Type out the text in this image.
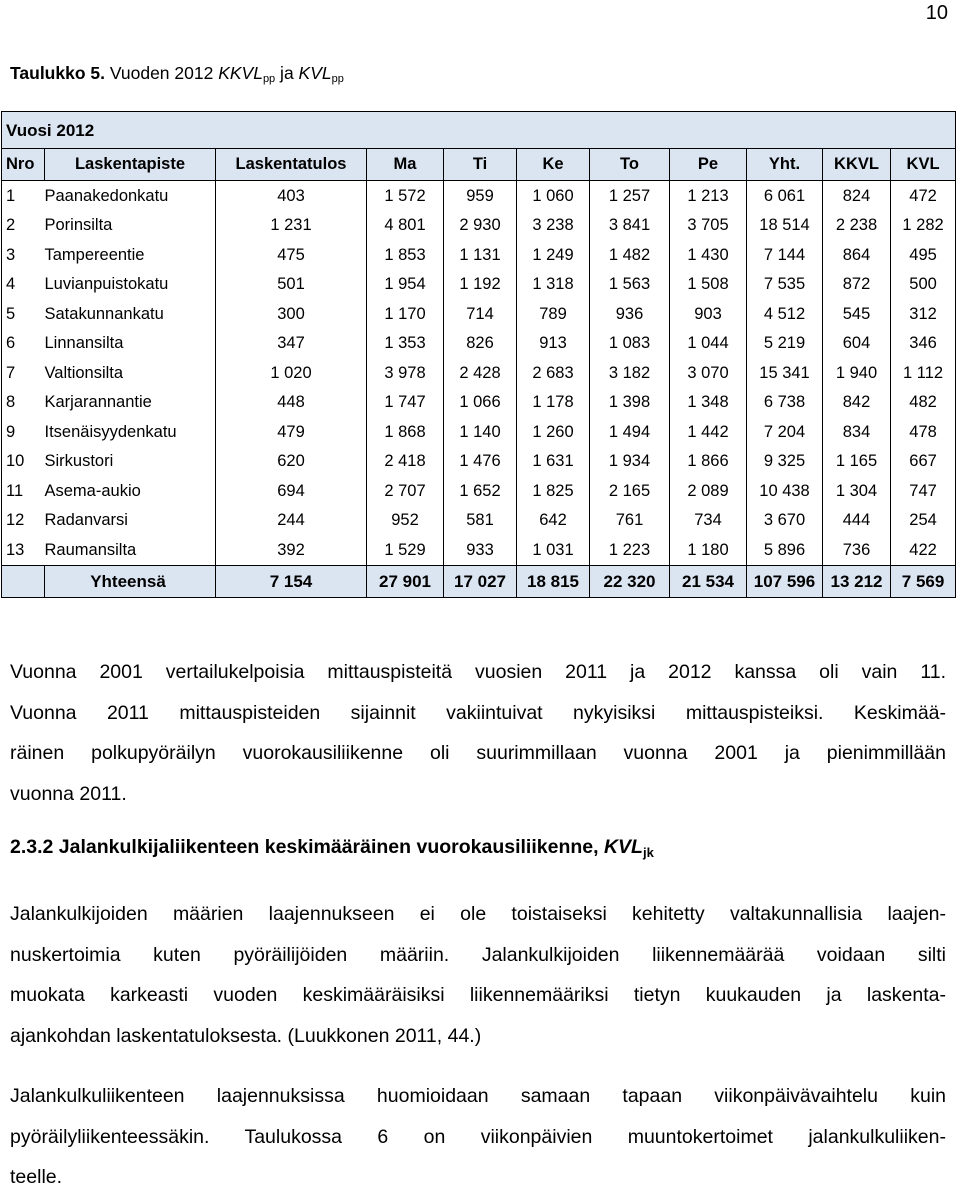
10
Taulukko 5. Vuoden 2012 $KKVL_{pp}$ ja $KVL_{pp}$
Vuosi 2012										
Nro	Laskentapiste	Laskentatulos	Ma	Ti	Ke	To	Pe	Yht.	KKVL	KVL
1	Paanakedonkatu	403	1 572	959	1 060	1 257	1 213	6 061	824	472
2	Porinsilta	1 231	4 801	2 930	3 238	3 841	3 705	18 514	2 238	1 282
3	Tampereentie	475	1 853	1 131	1 249	1 482	1 430	7 144	864	495
4	Luvianpuistokatu	501	1 954	1 192	1 318	1 563	1 508	7 535	872	500
5	Satakunnankatu	300	1 170	714	789	936	903	4 512	545	312
6	Linnansilta	347	1 353	826	913	1 083	1 044	5 219	604	346
7	Valtionsilta	1 020	3 978	2 428	2 683	3 182	3 070	15 341	1 940	1 112
8	Karjarannantie	448	1 747	1 066	1 178	1 398	1 348	6 738	842	482
9	Itsenäisyydenkatu	479	1 868	1 140	1 260	1 494	1 442	7 204	834	478
10	Sirkustori	620	2 418	1 476	1 631	1 934	1 866	9 325	1 165	667
11	Asema-aukio	694	2 707	1 652	1 825	2 165	2 089	10 438	1 304	747
12	Radanvarsi	244	952	581	642	761	734	3 670	444	254
13	Raumansilta	392	1 529	933	1 031	1 223	1 180	5 896	736	422
	Yhteensä	7 154	27 901	17 027	18 815	22 320	21 534	107 596	13 212	7 569

Vuonna 2001 vertailukelpoisia mittauspisteitä vuosien 2011 ja 2012 kanssa oli vain 11.
Vuonna 2011 mittauspisteiden sijainnit vakiintuivat nykyisiksi mittauspisteiksi. Keskimää-
räinen polkupyöräilyn vuorokausiliikenne oli suurimmillaan vuonna 2001 ja pienimmillään
vuonna 2011.

2.3.2 Jalankulkijaliikenteen keskimääräinen vuorokausiliikenne, $KVL_{jk}$

Jalankulkijoiden määrien laajennukseen ei ole toistaiseksi kehitetty valtakunnallisia laajen-
nuskertoimia kuten pyöräilijöiden määriin. Jalankulkijoiden liikennemäärää voidaan silti
muokata karkeasti vuoden keskimääräisiksi liikennemääriksi tietyn kuukauden ja laskenta-
ajankohdan laskentatuloksesta. (Luukkonen 2011, 44.)

Jalankulkuliikenteen laajennuksissa huomioidaan samaan tapaan viikonpäivävaihtelu kuin
pyöräilyliikenteessäkin. Taulukossa 6 on viikonpäivien muuntokertoimet jalankulkuliiken-
teelle.
